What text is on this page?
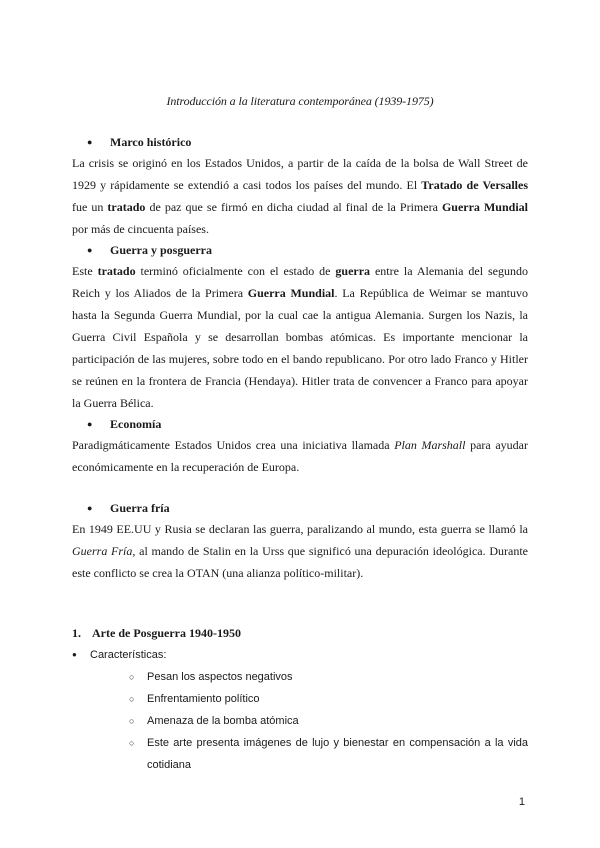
Introducción a la literatura contemporánea (1939-1975)
● Marco histórico

La crisis se originó en los Estados Unidos, a partir de la caída de la bolsa de Wall Street de 1929 y rápidamente se extendió a casi todos los países del mundo. El Tratado de Versalles fue un tratado de paz que se firmó en dicha ciudad al final de la Primera Guerra Mundial por más de cincuenta países.

● Guerra y posguerra

Este tratado terminó oficialmente con el estado de guerra entre la Alemania del segundo Reich y los Aliados de la Primera Guerra Mundial. La República de Weimar se mantuvo hasta la Segunda Guerra Mundial, por la cual cae la antigua Alemania. Surgen los Nazis, la Guerra Civil Española y se desarrollan bombas atómicas. Es importante mencionar la participación de las mujeres, sobre todo en el bando republicano. Por otro lado Franco y Hitler se reúnen en la frontera de Francia (Hendaya). Hitler trata de convencer a Franco para apoyar la Guerra Bélica.

● Economía

Paradigmáticamente Estados Unidos crea una iniciativa llamada Plan Marshall para ayudar económicamente en la recuperación de Europa.

● Guerra fría

En 1949 EE.UU y Rusia se declaran las guerra, paralizando al mundo, esta guerra se llamó la Guerra Fría, al mando de Stalin en la Urss que significó una depuración ideológica. Durante este conflicto se crea la OTAN (una alianza político-militar).

1. Arte de Posguerra 1940-1950
● Características:
○ Pesan los aspectos negativos
○ Enfrentamiento político
○ Amenaza de la bomba atómica
○ Este arte presenta imágenes de lujo y bienestar en compensación a la vida cotidiana
1
